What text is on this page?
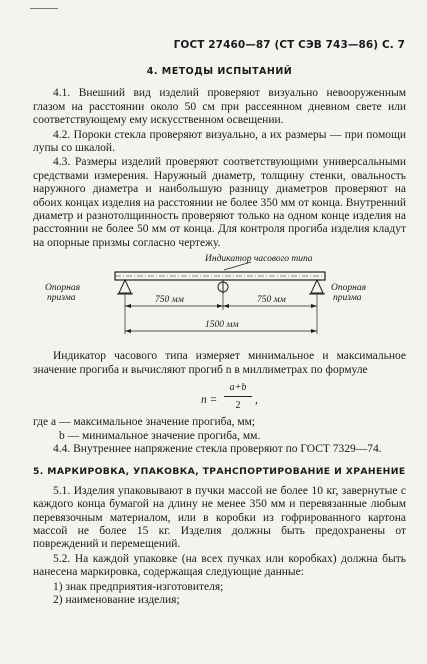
ГОСТ 27460—87 (СТ СЭВ 743—86) С. 7
4. МЕТОДЫ ИСПЫТАНИЙ

4.1. Внешний вид изделий проверяют визуально невооруженным глазом на расстоянии около 50 см при рассеянном дневном свете или соответствующему ему искусственном освещении.

4.2. Пороки стекла проверяют визуально, а их размеры — при помощи лупы со шкалой.

4.3. Размеры изделий проверяют соответствующими универсальными средствами измерения. Наружный диаметр, толщину стенки, овальность наружного диаметра и наибольшую разницу диаметров проверяют на обоих концах изделия на расстоянии не более 350 мм от конца. Внутренний диаметр и разнотолщинность проверяют только на одном конце изделия на расстоянии не более 50 мм от конца. Для контроля прогиба изделия кладут на опорные призмы согласно чертежу.

Индикатор часового типа
Опорная
призма
Опорная
призма
750 мм	750 мм
1500 мм

Индикатор часового типа измеряет минимальное и максимальное значение прогиба и вычисляют прогиб n в миллиметрах по формуле

n =
a+b
2	,

где a — максимальное значение прогиба, мм;

b — минимальное значение прогиба, мм.

4.4. Внутреннее напряжение стекла проверяют по ГОСТ 7329—74.

5. МАРКИРОВКА, УПАКОВКА, ТРАНСПОРТИРОВАНИЕ И ХРАНЕНИЕ

5.1. Изделия упаковывают в пучки массой не более 10 кг, завернутые с каждого конца бумагой на длину не менее 350 мм и перевязанные любым перевязочным материалом, или в коробки из гофрированного картона массой не более 15 кг. Изделия должны быть предохранены от повреждений и перемещений.

5.2. На каждой упаковке (на всех пучках или коробках) должна быть нанесена маркировка, содержащая следующие данные:

1) знак предприятия-изготовителя;

2) наименование изделия;
